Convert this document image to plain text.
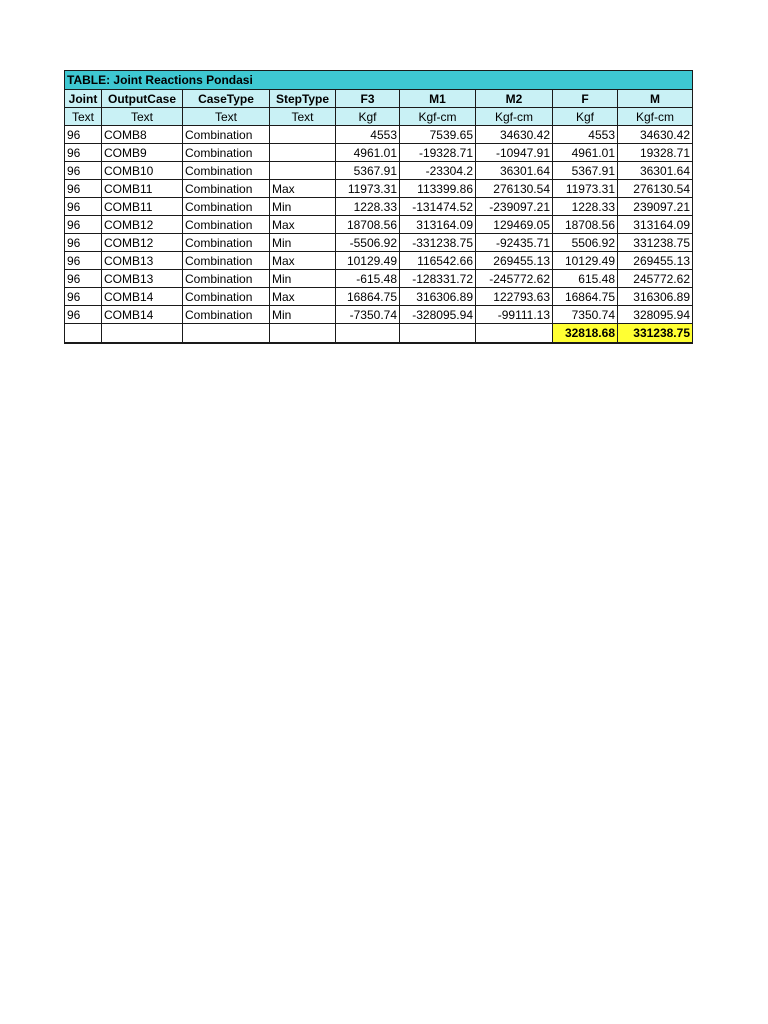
TABLE: Joint Reactions Pondasi								
Joint	OutputCase	CaseType	StepType	F3	M1	M2	F	M
Text	Text	Text	Text	Kgf	Kgf-cm	Kgf-cm	Kgf	Kgf-cm
96	COMB8	Combination		4553	7539.65	34630.42	4553	34630.42
96	COMB9	Combination		4961.01	-19328.71	-10947.91	4961.01	19328.71
96	COMB10	Combination		5367.91	-23304.2	36301.64	5367.91	36301.64
96	COMB11	Combination	Max	11973.31	113399.86	276130.54	11973.31	276130.54
96	COMB11	Combination	Min	1228.33	-131474.52	-239097.21	1228.33	239097.21
96	COMB12	Combination	Max	18708.56	313164.09	129469.05	18708.56	313164.09
96	COMB12	Combination	Min	-5506.92	-331238.75	-92435.71	5506.92	331238.75
96	COMB13	Combination	Max	10129.49	116542.66	269455.13	10129.49	269455.13
96	COMB13	Combination	Min	-615.48	-128331.72	-245772.62	615.48	245772.62
96	COMB14	Combination	Max	16864.75	316306.89	122793.63	16864.75	316306.89
96	COMB14	Combination	Min	-7350.74	-328095.94	-99111.13	7350.74	328095.94
							32818.68	331238.75
